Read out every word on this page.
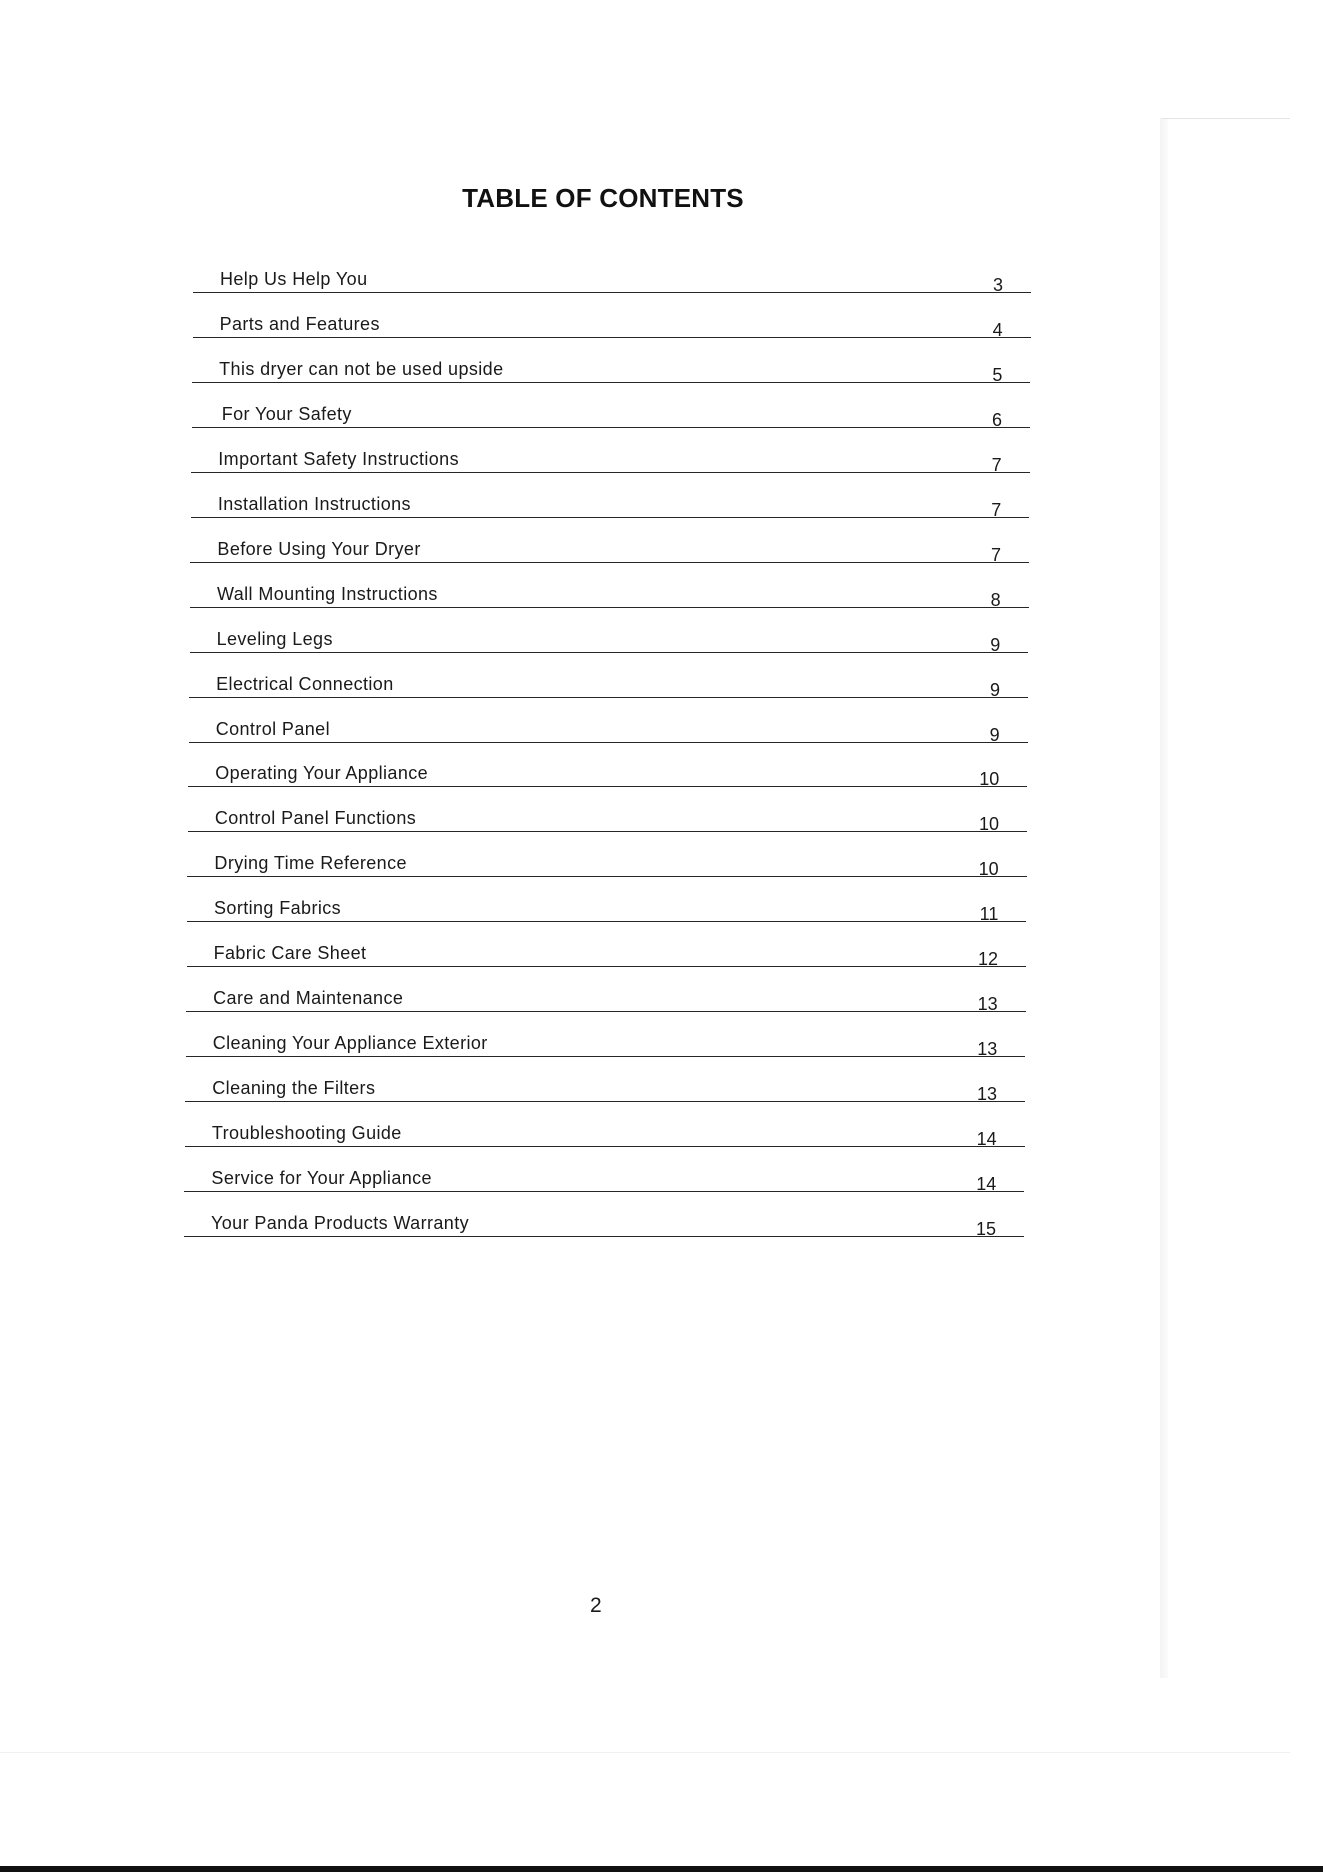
TABLE OF CONTENTS
Help Us Help You	3
Parts and Features	4
This dryer can not be used upside	5
For Your Safety	6
Important Safety Instructions	7
Installation Instructions	7
Before Using Your Dryer	7
Wall Mounting Instructions	8
Leveling Legs	9
Electrical Connection	9
Control Panel	9
Operating Your Appliance	10
Control Panel Functions	10
Drying Time Reference	10
Sorting Fabrics	11
Fabric Care Sheet	12
Care and Maintenance	13
Cleaning Your Appliance Exterior	13
Cleaning the Filters	13
Troubleshooting Guide	14
Service for Your Appliance	14
Your Panda Products Warranty	15
2
